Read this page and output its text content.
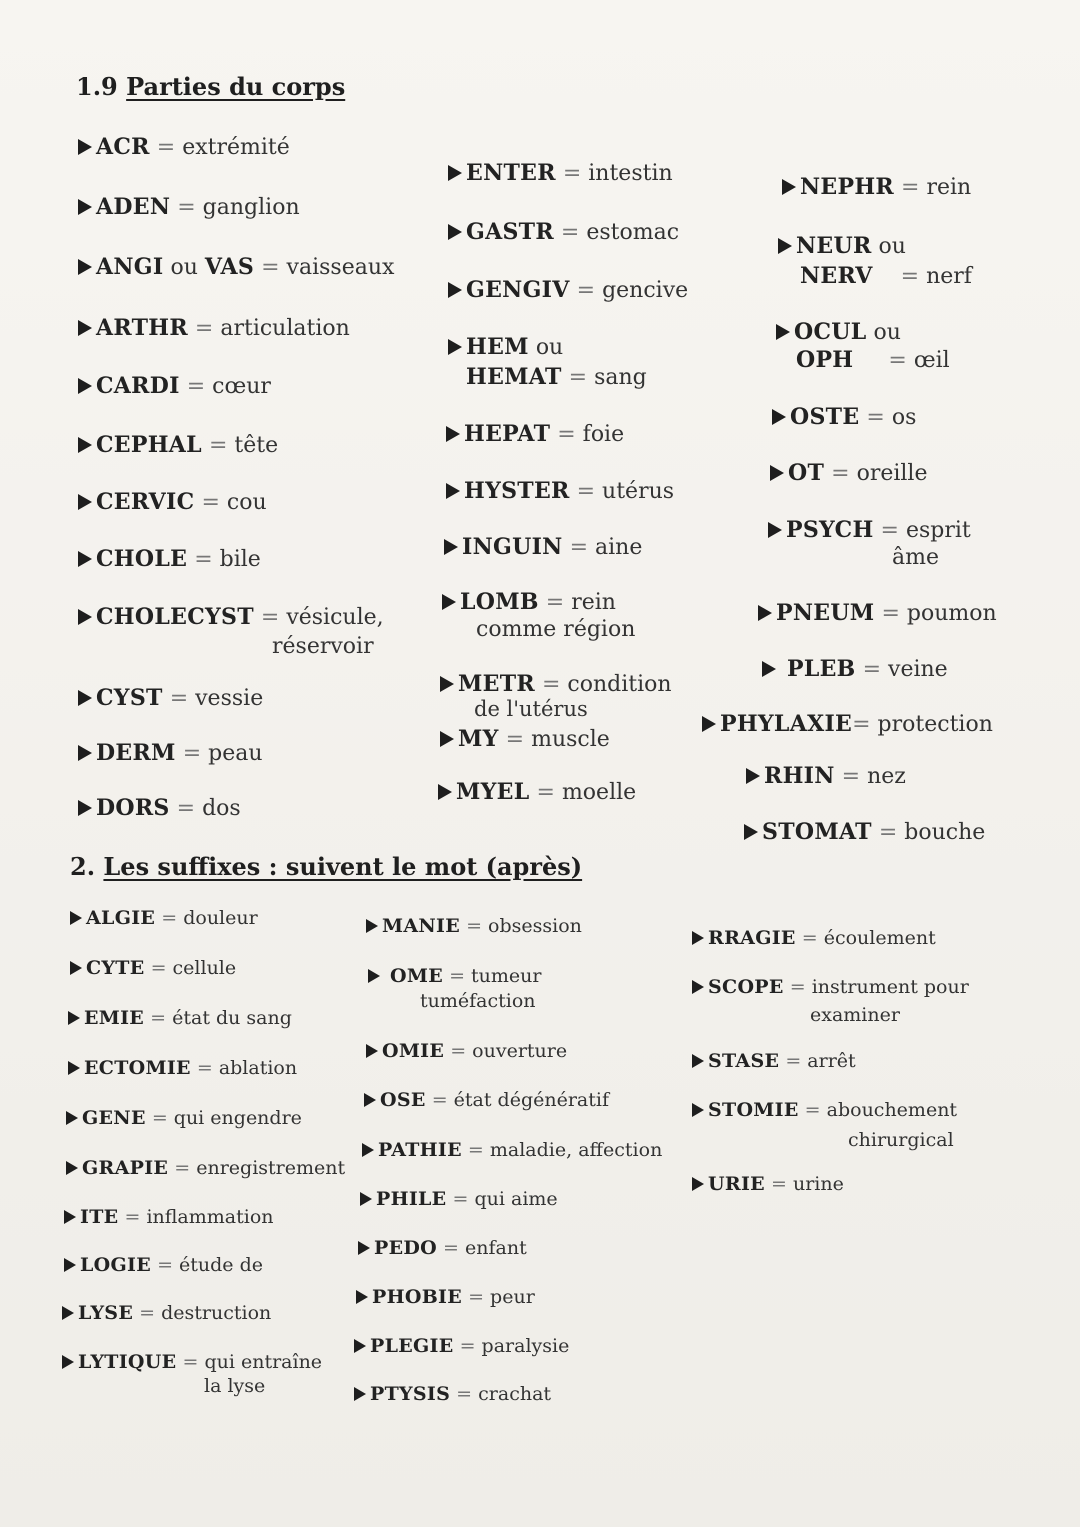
1.9 Parties du corps
ACR = extrémité
ADEN = ganglion
ANGI ou VAS = vaisseaux
ARTHR = articulation
CARDI = cœur
CEPHAL = tête
CERVIC = cou
CHOLE = bile
CHOLECYST = vésicule,
réservoir
CYST = vessie
DERM = peau
DORS = dos
ENTER = intestin
GASTR = estomac
GENGIV = gencive
HEM ou
HEMAT = sang
HEPAT = foie
HYSTER = utérus
INGUIN = aine
LOMB = rein
comme région
METR = condition
de l'utérus
MY = muscle
MYEL = moelle
NEPHR = rein
NEUR ou
NERV = nerf
OCUL ou
OPH = œil
OSTE = os
OT = oreille
PSYCH = esprit
âme
PNEUM = poumon
PLEB = veine
PHYLAXIE= protection
RHIN = nez
STOMAT = bouche
2. Les suffixes : suivent le mot (après)
ALGIE = douleur
CYTE = cellule
EMIE = état du sang
ECTOMIE = ablation
GENE = qui engendre
GRAPIE = enregistrement
ITE = inflammation
LOGIE = étude de
LYSE = destruction
LYTIQUE = qui entraîne
la lyse
MANIE = obsession
OME = tumeur
tuméfaction
OMIE = ouverture
OSE = état dégénératif
PATHIE = maladie, affection
PHILE = qui aime
PEDO = enfant
PHOBIE = peur
PLEGIE = paralysie
PTYSIS = crachat
RRAGIE = écoulement
SCOPE = instrument pour
examiner
STASE = arrêt
STOMIE = abouchement
chirurgical
URIE = urine
